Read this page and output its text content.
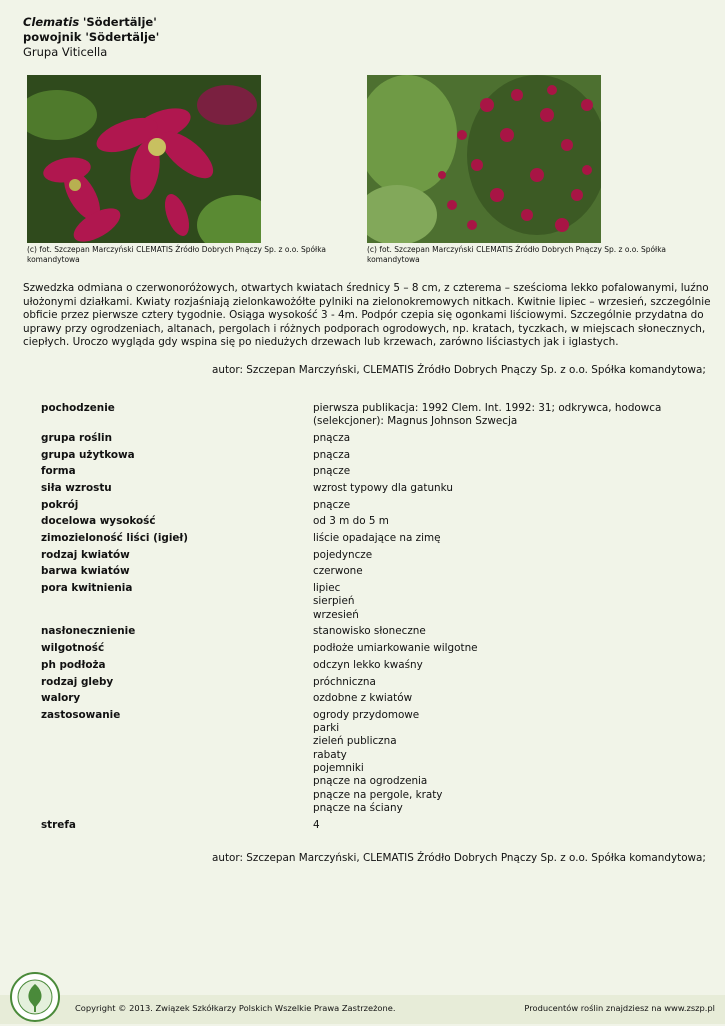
Clematis 'Södertälje'
powojnik 'Södertälje'
Grupa Viticella
(c) fot. Szczepan Marczyński CLEMATIS Źródło Dobrych Pnączy Sp. z o.o. Spółka komandytowa
(c) fot. Szczepan Marczyński CLEMATIS Źródło Dobrych Pnączy Sp. z o.o. Spółka komandytowa
Szwedzka odmiana o czerwonoróżowych, otwartych kwiatach średnicy 5 – 8 cm, z czterema – sześcioma lekko pofalowanymi, luźno ułożonymi działkami. Kwiaty rozjaśniają zielonkawożółte pylniki na zielonokremowych nitkach. Kwitnie lipiec – wrzesień, szczególnie obficie przez pierwsze cztery tygodnie. Osiąga wysokość 3 - 4m. Podpór czepia się ogonkami liściowymi. Szczególnie przydatna do uprawy przy ogrodzeniach, altanach, pergolach i różnych podporach ogrodowych, np. kratach, tyczkach, w miejscach słonecznych, ciepłych. Uroczo wygląda gdy wspina się po niedużych drzewach lub krzewach, zarówno liściastych jak i iglastych.
autor: Szczepan Marczyński, CLEMATIS Źródło Dobrych Pnączy Sp. z o.o. Spółka komandytowa;
pochodzenie	pierwsza publikacja: 1992 Clem. Int. 1992: 31; odkrywca, hodowca (selekcjoner): Magnus Johnson Szwecja
grupa roślin	pnącza
grupa użytkowa	pnącza
forma	pnącze
siła wzrostu	wzrost typowy dla gatunku
pokrój	pnącze
docelowa wysokość	od 3 m do 5 m
zimozieloność liści (igieł)	liście opadające na zimę
rodzaj kwiatów	pojedyncze
barwa kwiatów	czerwone
pora kwitnienia	lipiec
sierpień
wrzesień
nasłonecznienie	stanowisko słoneczne
wilgotność	podłoże umiarkowanie wilgotne
ph podłoża	odczyn lekko kwaśny
rodzaj gleby	próchniczna
walory	ozdobne z kwiatów
zastosowanie	ogrody przydomowe
parki
zieleń publiczna
rabaty
pojemniki
pnącze na ogrodzenia
pnącze na pergole, kraty
pnącze na ściany
strefa	4
autor: Szczepan Marczyński, CLEMATIS Źródło Dobrych Pnączy Sp. z o.o. Spółka komandytowa;
Copyright © 2013. Związek Szkółkarzy Polskich Wszelkie Prawa Zastrzeżone.	Producentów roślin znajdziesz na www.zszp.pl
